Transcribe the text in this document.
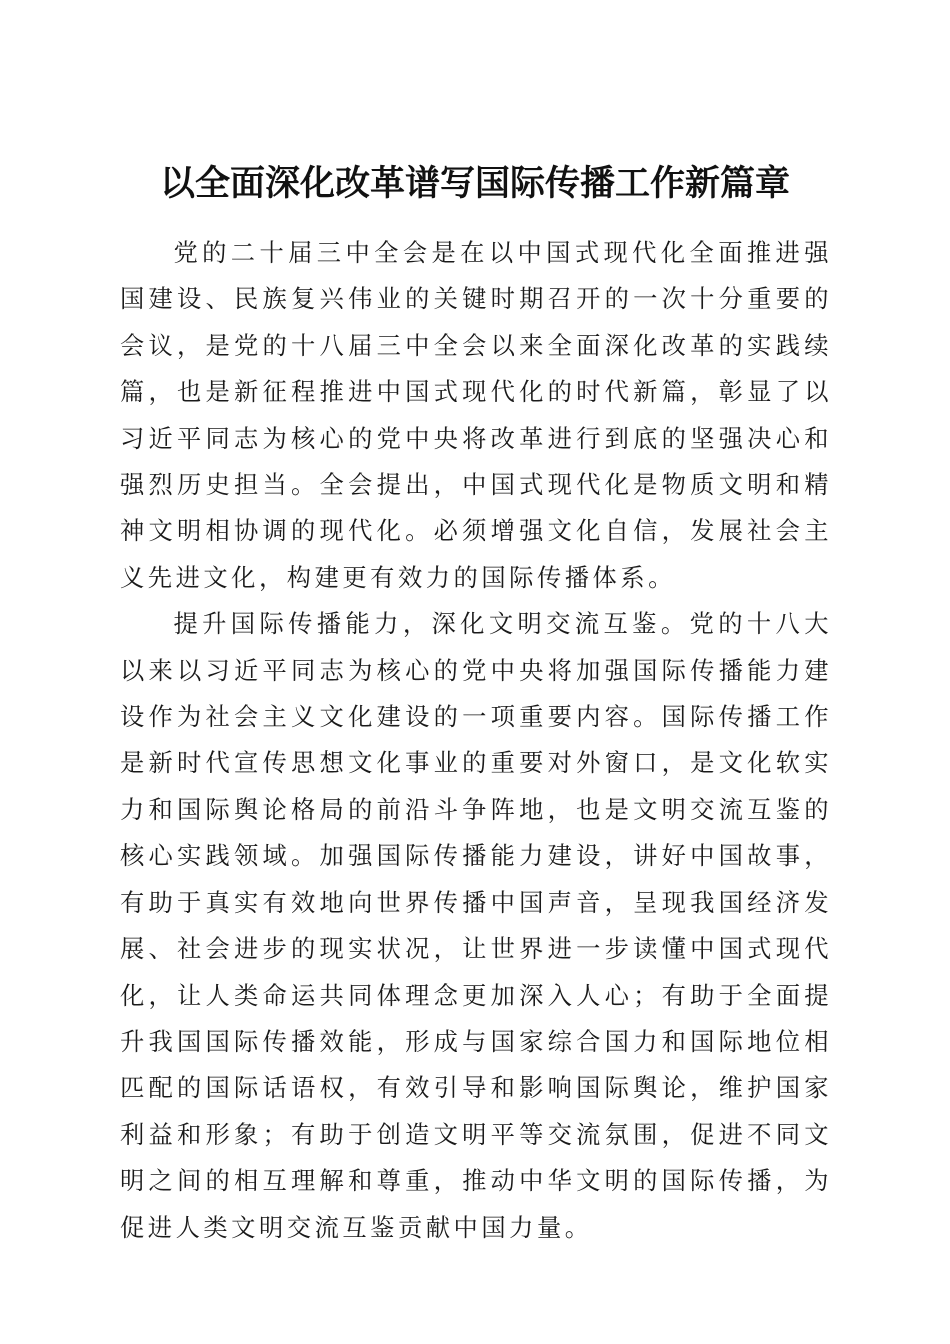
以全面深化改革谱写国际传播工作新篇章

党的二十届三中全会是在以中国式现代化全面推进强国建设、民族复兴伟业的关键时期召开的一次十分重要的会议，是党的十八届三中全会以来全面深化改革的实践续篇，也是新征程推进中国式现代化的时代新篇，彰显了以习近平同志为核心的党中央将改革进行到底的坚强决心和强烈历史担当。全会提出，中国式现代化是物质文明和精神文明相协调的现代化。必须增强文化自信，发展社会主义先进文化，构建更有效力的国际传播体系。

提升国际传播能力，深化文明交流互鉴。党的十八大以来以习近平同志为核心的党中央将加强国际传播能力建设作为社会主义文化建设的一项重要内容。国际传播工作是新时代宣传思想文化事业的重要对外窗口，是文化软实力和国际舆论格局的前沿斗争阵地，也是文明交流互鉴的核心实践领域。加强国际传播能力建设，讲好中国故事，有助于真实有效地向世界传播中国声音，呈现我国经济发展、社会进步的现实状况，让世界进一步读懂中国式现代化，让人类命运共同体理念更加深入人心；有助于全面提升我国国际传播效能，形成与国家综合国力和国际地位相匹配的国际话语权，有效引导和影响国际舆论，维护国家利益和形象；有助于创造文明平等交流氛围，促进不同文明之间的相互理解和尊重，推动中华文明的国际传播，为促进人类文明交流互鉴贡献中国力量。
